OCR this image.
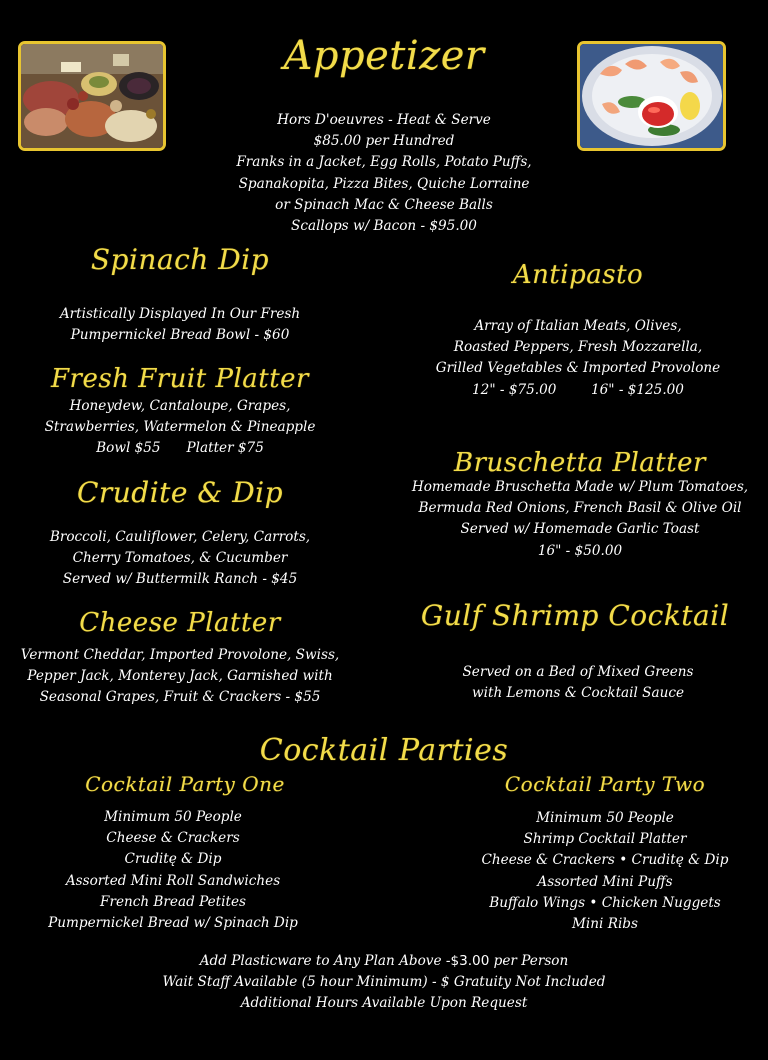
Appetizer
Hors D'oeuvres - Heat & Serve
$85.00 per Hundred
Franks in a Jacket, Egg Rolls, Potato Puffs,
Spanakopita, Pizza Bites, Quiche Lorraine
or Spinach Mac & Cheese Balls
Scallops w/ Bacon - $95.00
Spinach Dip
Artistically Displayed In Our Fresh
Pumpernickel Bread Bowl - $60
Antipasto
Array of Italian Meats, Olives,
Roasted Peppers, Fresh Mozzarella,
Grilled Vegetables & Imported Provolone
12" - $75.00        16" - $125.00
Fresh Fruit Platter
Honeydew, Cantaloupe, Grapes,
Strawberries, Watermelon & Pineapple
Bowl $55      Platter $75	Bruschetta Platter
Homemade Bruschetta Made w/ Plum Tomatoes,
Bermuda Red Onions, French Basil & Olive Oil
Served w/ Homemade Garlic Toast
16" - $50.00
Crudite & Dip
Broccoli, Cauliflower, Celery, Carrots,
Cherry Tomatoes, & Cucumber
Served w/ Buttermilk Ranch - $45
Cheese Platter
Vermont Cheddar, Imported Provolone, Swiss,
Pepper Jack, Monterey Jack, Garnished with
Seasonal Grapes, Fruit & Crackers - $55
Gulf Shrimp Cocktail
Served on a Bed of Mixed Greens
with Lemons & Cocktail Sauce
Cocktail Parties
Cocktail Party One
Minimum 50 People
Cheese & Crackers
Cruditę & Dip
Assorted Mini Roll Sandwiches
French Bread Petites
Pumpernickel Bread w/ Spinach Dip
Cocktail Party Two
Minimum 50 People
Shrimp Cocktail Platter
Cheese & Crackers • Cruditę & Dip
Assorted Mini Puffs
Buffalo Wings • Chicken Nuggets
Mini Ribs
Add Plasticware to Any Plan Above -$3.00 per Person
Wait Staff Available (5 hour Minimum) - $ Gratuity Not Included
Additional Hours Available Upon Request
